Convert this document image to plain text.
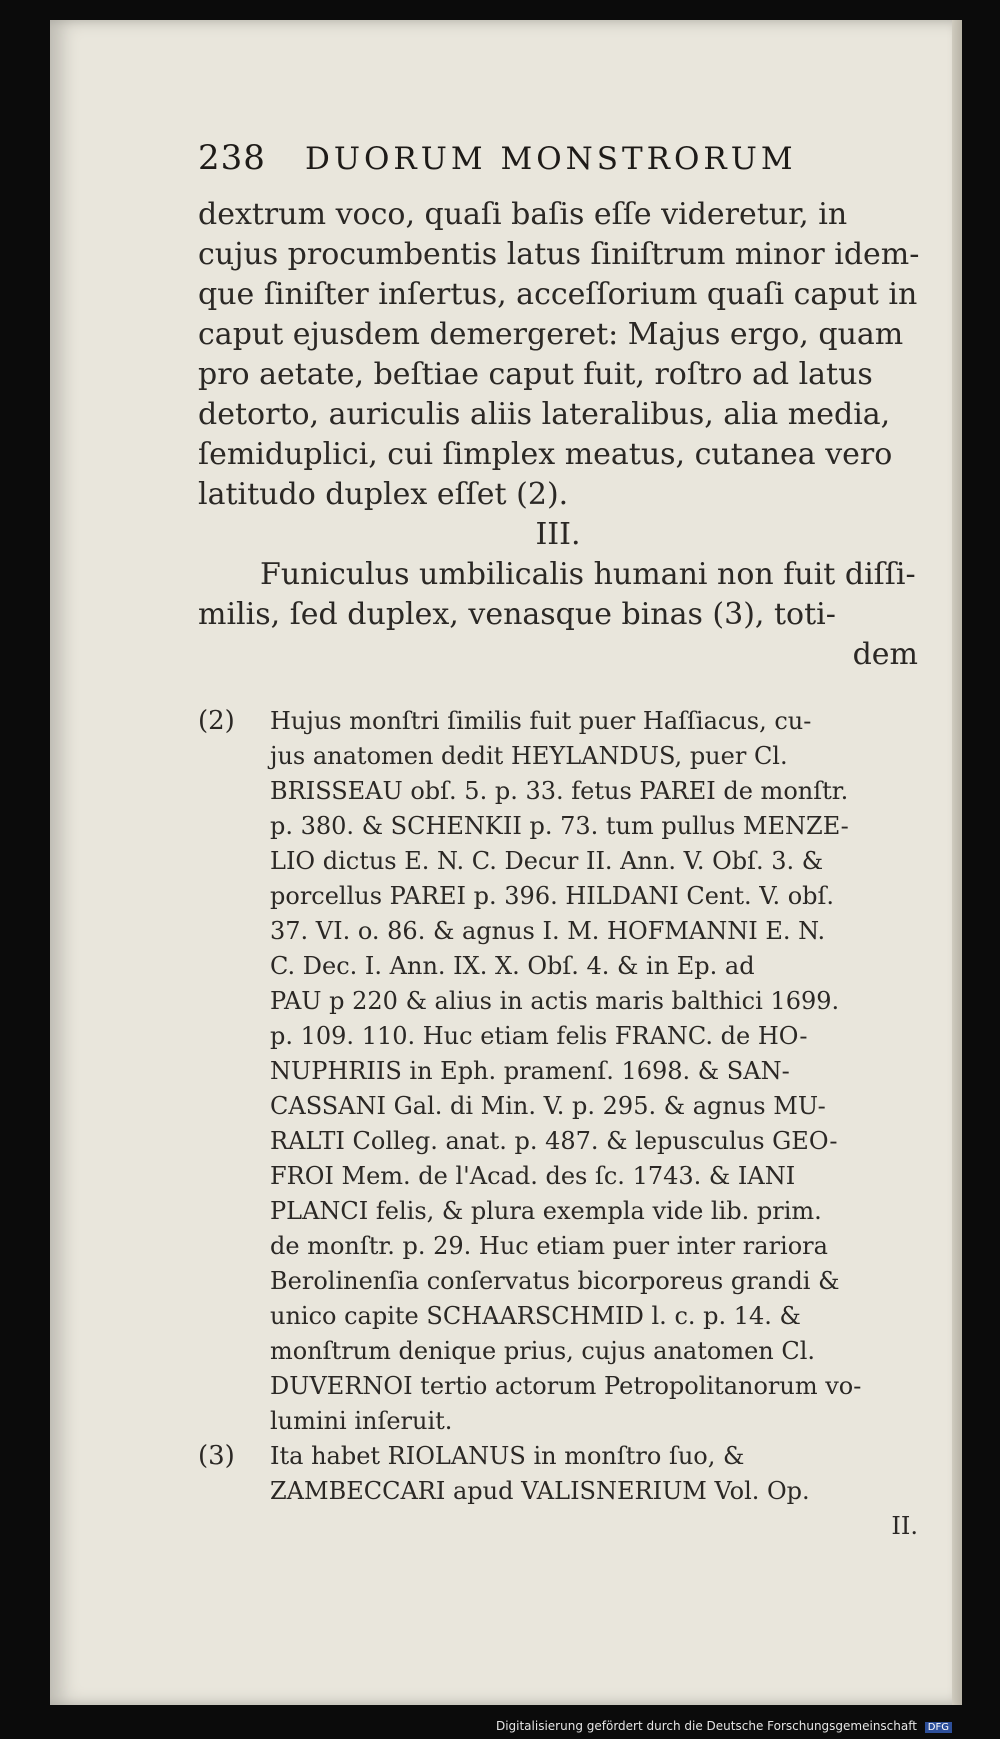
238 DUORUM MONSTRORUM
dextrum voco, quaſi baſis eſſe videretur, in
cujus procumbentis latus ſiniſtrum minor idem-
que ſiniſter inſertus, acceſſorium quaſi caput in
caput ejusdem demergeret: Majus ergo, quam
pro aetate, beſtiae caput fuit, roſtro ad latus
detorto, auriculis aliis lateralibus, alia media,
ſemiduplici, cui ſimplex meatus, cutanea vero
latitudo duplex eſſet (2).
III.
Funiculus umbilicalis humani non fuit diſſi-
milis, ſed duplex, venasque binas (3), toti-
dem
(2) Hujus monſtri ſimilis fuit puer Haſſiacus, cu-
jus anatomen dedit HEYLANDUS, puer Cl.
BRISSEAU obſ. 5. p. 33. fetus PAREI de monſtr.
p. 380. & SCHENKII p. 73. tum pullus MENZE-
LIO dictus E. N. C. Decur II. Ann. V. Obſ. 3. &
porcellus PAREI p. 396. HILDANI Cent. V. obſ.
37. VI. o. 86. & agnus I. M. HOFMANNI E. N.
C. Dec. I. Ann. IX. X. Obſ. 4. & in Ep. ad
PAU p 220 & alius in actis maris balthici 1699.
p. 109. 110. Huc etiam felis FRANC. de HO-
NUPHRIIS in Eph. pramenſ. 1698. & SAN-
CASSANI Gal. di Min. V. p. 295. & agnus MU-
RALTI Colleg. anat. p. 487. & lepusculus GEO-
FROI Mem. de l'Acad. des ſc. 1743. & IANI
PLANCI felis, & plura exempla vide lib. prim.
de monſtr. p. 29. Huc etiam puer inter rariora
Berolinenſia conſervatus bicorporeus grandi &
unico capite SCHAARSCHMID l. c. p. 14. &
monſtrum denique prius, cujus anatomen Cl.
DUVERNOI tertio actorum Petropolitanorum vo-
lumini inſeruit.
(3) Ita habet RIOLANUS in monſtro ſuo, &
ZAMBECCARI apud VALISNERIUM Vol. Op.
II.
Digitalisierung gefördert durch die Deutsche Forschungsgemeinschaft DFG
